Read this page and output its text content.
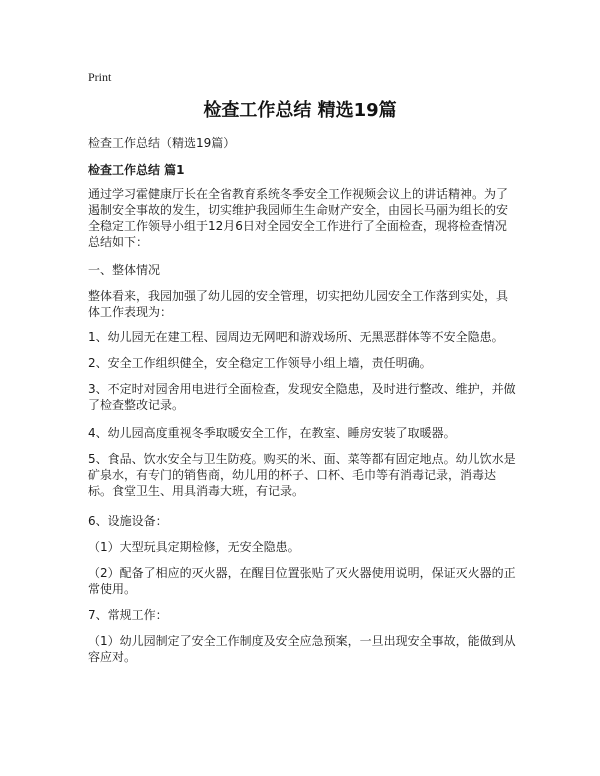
Print
检查工作总结 精选19篇
检查工作总结（精选19篇）
检查工作总结 篇1

通过学习霍健康厅长在全省教育系统冬季安全工作视频会议上的讲话精神。为了遏制安全事故的发生，切实维护我园师生生命财产安全，由园长马丽为组长的安全稳定工作领导小组于12月6日对全园安全工作进行了全面检查，现将检查情况总结如下：

一、整体情况

整体看来，我园加强了幼儿园的安全管理，切实把幼儿园安全工作落到实处，具体工作表现为：

1、幼儿园无在建工程、园周边无网吧和游戏场所、无黑恶群体等不安全隐患。

2、安全工作组织健全，安全稳定工作领导小组上墙，责任明确。

3、不定时对园舍用电进行全面检查，发现安全隐患，及时进行整改、维护，并做了检查整改记录。

4、幼儿园高度重视冬季取暖安全工作，在教室、睡房安装了取暖器。

5、食品、饮水安全与卫生防疫。购买的米、面、菜等都有固定地点。幼儿饮水是矿泉水，有专门的销售商，幼儿用的杯子、口杯、毛巾等有消毒记录，消毒达标。食堂卫生、用具消毒大班，有记录。

6、设施设备：

（1）大型玩具定期检修，无安全隐患。

（2）配备了相应的灭火器，在醒目位置张贴了灭火器使用说明，保证灭火器的正常使用。

7、常规工作：

（1）幼儿园制定了安全工作制度及安全应急预案，一旦出现安全事故，能做到从容应对。
